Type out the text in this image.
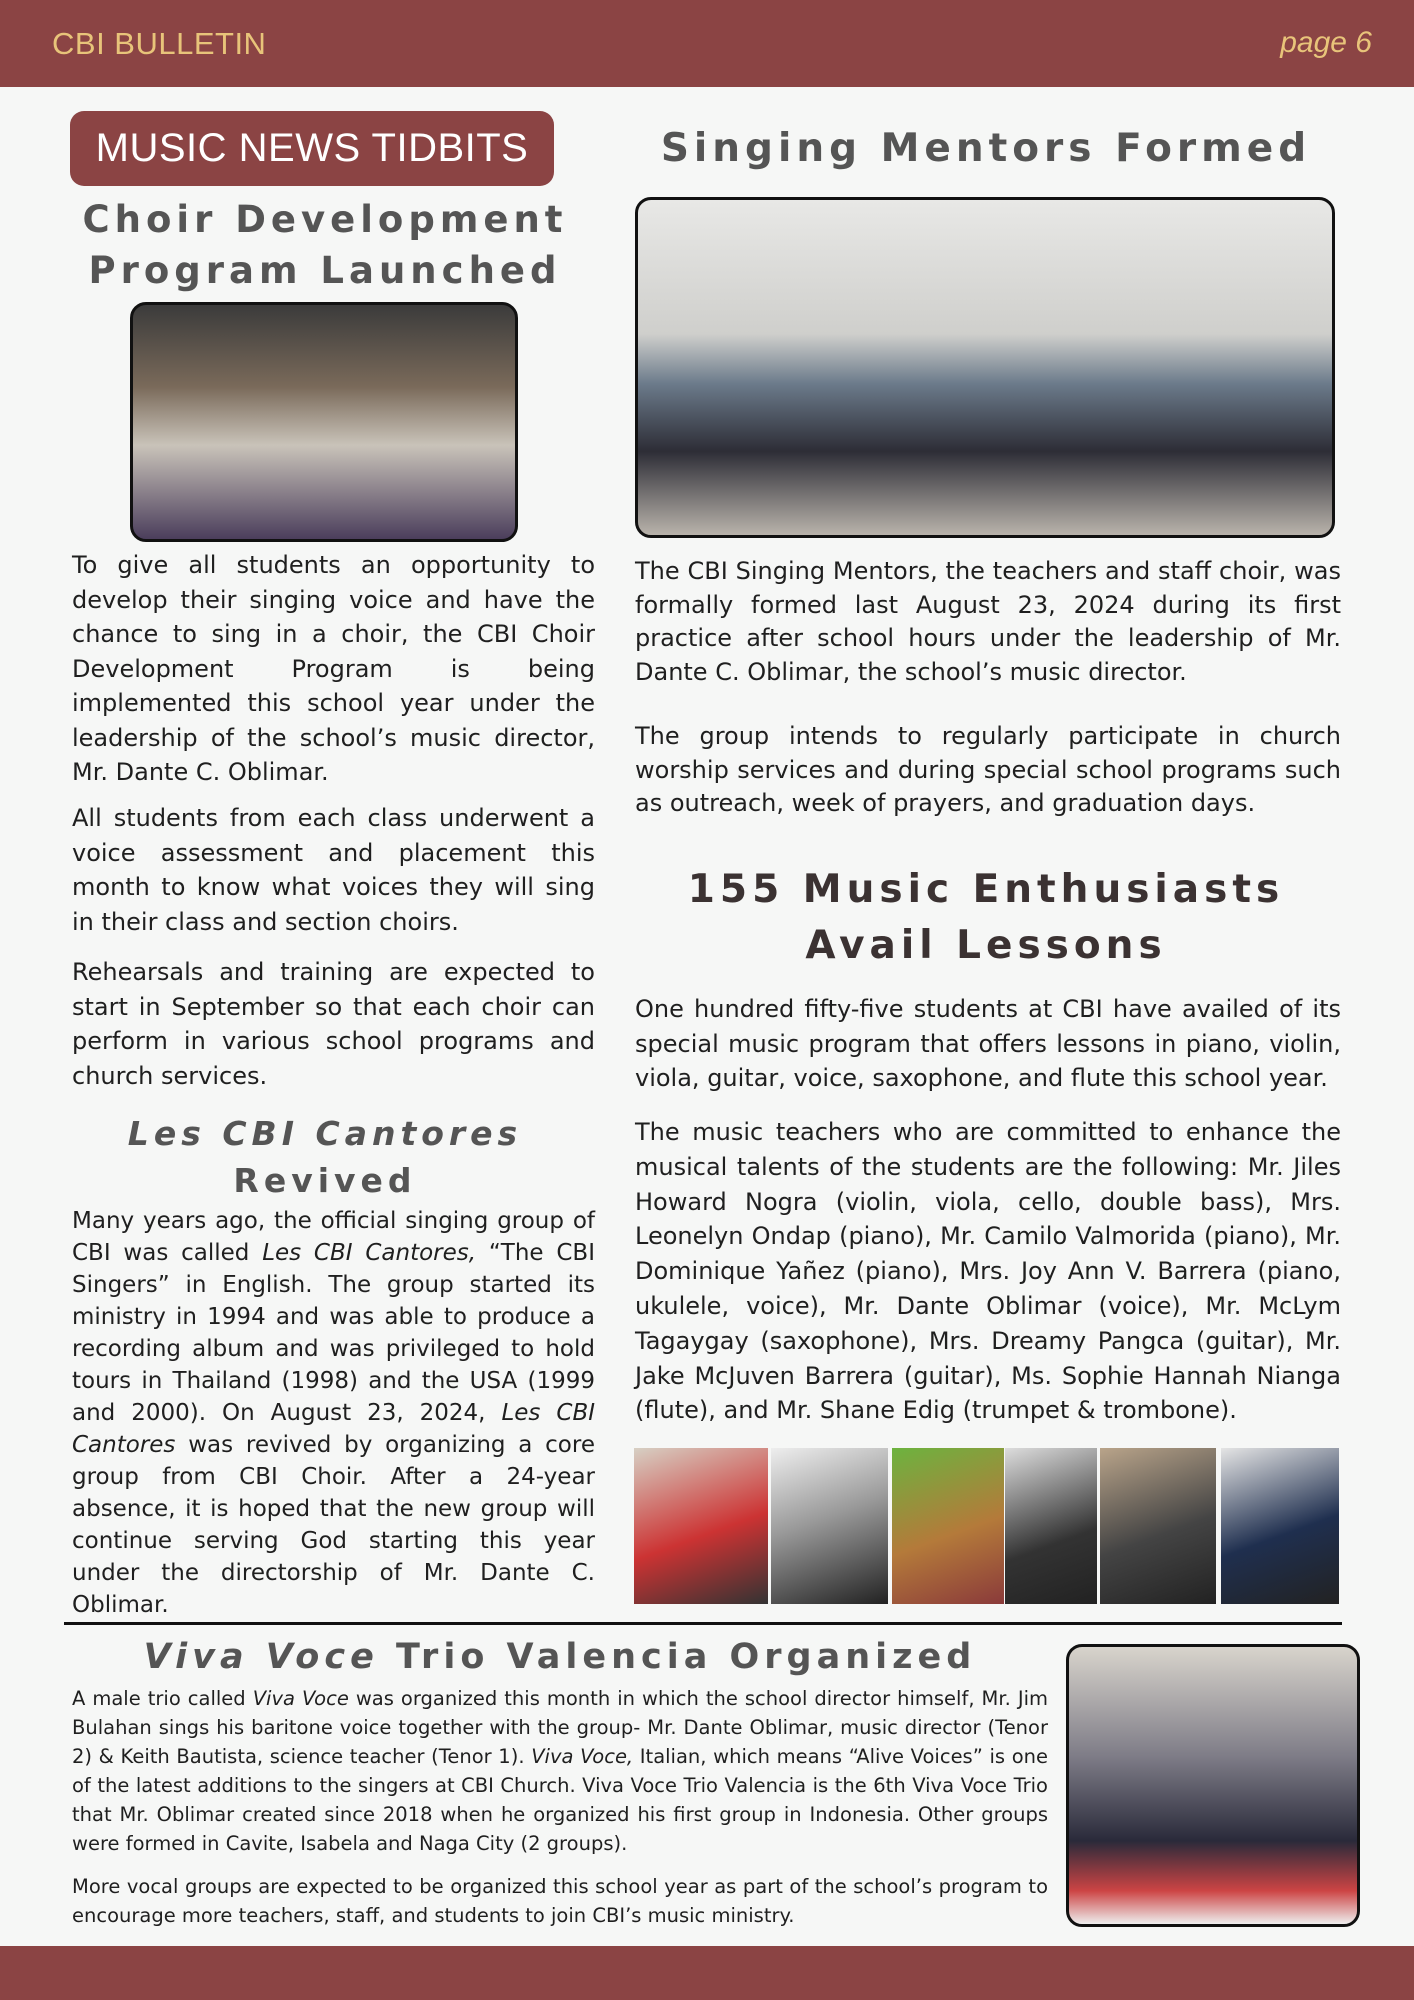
CBI BULLETIN	page 6
MUSIC NEWS TIDBITS
Choir Development Program Launched
To give all students an opportunity to develop their singing voice and have the chance to sing in a choir, the CBI Choir Development Program is being implemented this school year under the leadership of the school’s music director, Mr. Dante C. Oblimar.
All students from each class underwent a voice assessment and placement this month to know what voices they will sing in their class and section choirs.
Rehearsals and training are expected to start in September so that each choir can perform in various school programs and church services.
Les CBI Cantores
Revived
Many years ago, the official singing group of CBI was called Les CBI Cantores, “The CBI Singers” in English. The group started its ministry in 1994 and was able to produce a recording album and was privileged to hold tours in Thailand (1998) and the USA (1999 and 2000). On August 23, 2024, Les CBI Cantores was revived by organizing a core group from CBI Choir. After a 24-year absence, it is hoped that the new group will continue serving God starting this year under the directorship of Mr. Dante C. Oblimar.
Singing Mentors Formed
The CBI Singing Mentors, the teachers and staff choir, was formally formed last August 23, 2024 during its first practice after school hours under the leadership of Mr. Dante C. Oblimar, the school’s music director.
The group intends to regularly participate in church worship services and during special school programs such as outreach, week of prayers, and graduation days.
155 Music Enthusiasts Avail Lessons
One hundred fifty-five students at CBI have availed of its special music program that offers lessons in piano, violin, viola, guitar, voice, saxophone, and flute this school year.
The music teachers who are committed to enhance the musical talents of the students are the following: Mr. Jiles Howard Nogra (violin, viola, cello, double bass), Mrs. Leonelyn Ondap (piano), Mr. Camilo Valmorida (piano), Mr. Dominique Yañez (piano), Mrs. Joy Ann V. Barrera (piano, ukulele, voice), Mr. Dante Oblimar (voice), Mr. McLym Tagaygay (saxophone), Mrs. Dreamy Pangca (guitar), Mr. Jake McJuven Barrera (guitar), Ms. Sophie Hannah Nianga (flute), and Mr. Shane Edig (trumpet & trombone).
Viva Voce Trio Valencia Organized
A male trio called Viva Voce was organized this month in which the school director himself, Mr. Jim Bulahan sings his baritone voice together with the group- Mr. Dante Oblimar, music director (Tenor 2) & Keith Bautista, science teacher (Tenor 1). Viva Voce, Italian, which means “Alive Voices” is one of the latest additions to the singers at CBI Church. Viva Voce Trio Valencia is the 6th Viva Voce Trio that Mr. Oblimar created since 2018 when he organized his first group in Indonesia. Other groups were formed in Cavite, Isabela and Naga City (2 groups).
More vocal groups are expected to be organized this school year as part of the school’s program to encourage more teachers, staff, and students to join CBI’s music ministry.
